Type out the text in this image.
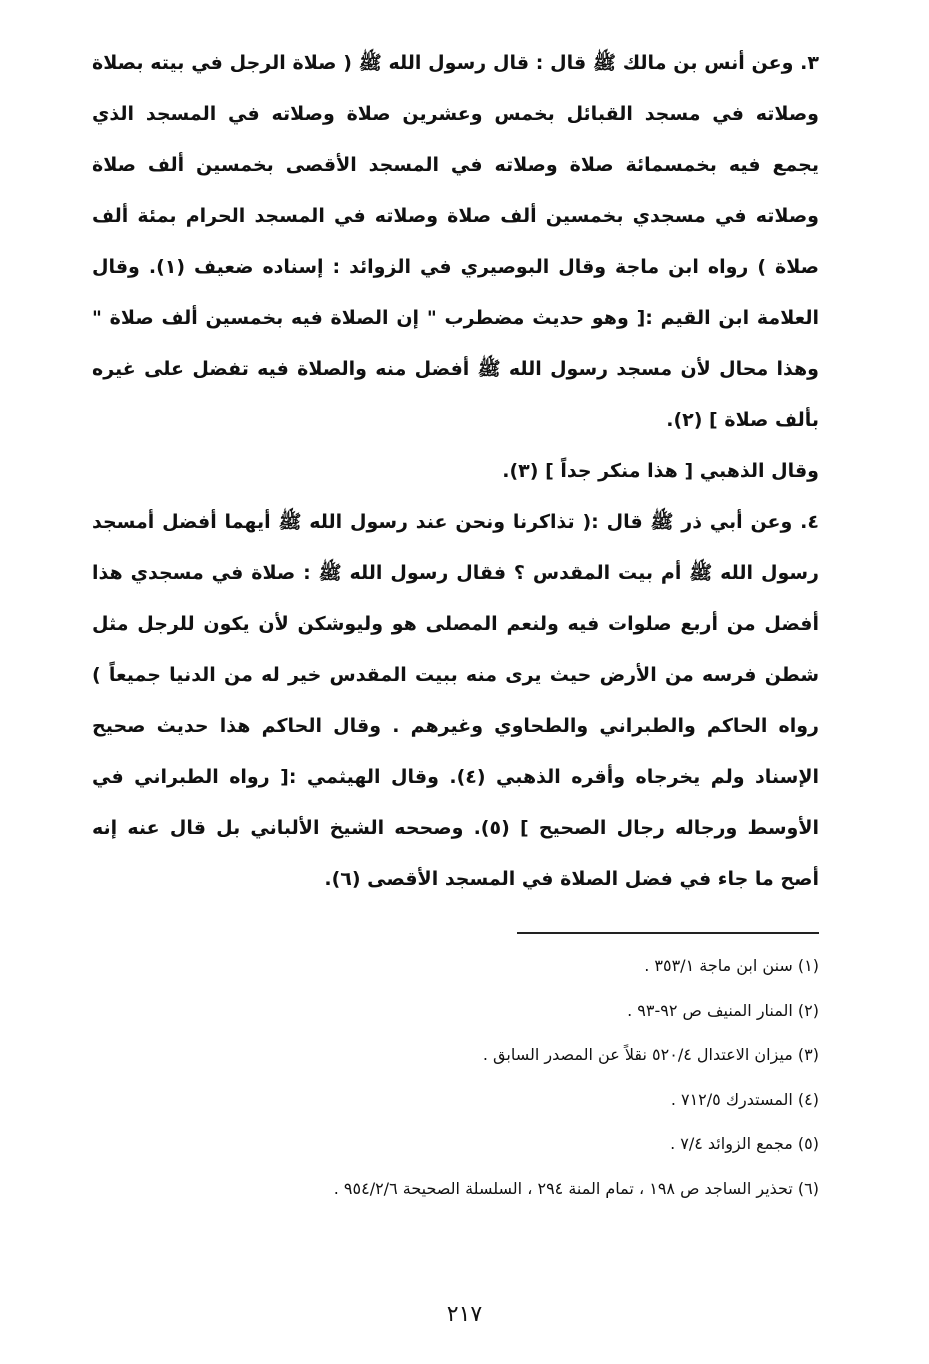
٣. وعن أنس بن مالك ﷺ قال : قال رسول الله ﷺ ( صلاة الرجل في بيته بصلاة وصلاته في مسجد القبائل بخمس وعشرين صلاة وصلاته في المسجد الذي يجمع فيه بخمسمائة صلاة وصلاته في المسجد الأقصى بخمسين ألف صلاة وصلاته في مسجدي بخمسين ألف صلاة وصلاته في المسجد الحرام بمئة ألف صلاة ) رواه ابن ماجة وقال البوصيري في الزوائد : إسناده ضعيف (١). وقال العلامة ابن القيم :[ وهو حديث مضطرب " إن الصلاة فيه بخمسين ألف صلاة " وهذا محال لأن مسجد رسول الله ﷺ أفضل منه والصلاة فيه تفضل على غيره بألف صلاة ] (٢).

وقال الذهبي [ هذا منكر جداً ] (٣).

٤. وعن أبي ذر ﷺ قال :( تذاكرنا ونحن عند رسول الله ﷺ أيهما أفضل أمسجد رسول الله ﷺ أم بيت المقدس ؟ فقال رسول الله ﷺ : صلاة في مسجدي هذا أفضل من أربع صلوات فيه ولنعم المصلى هو وليوشكن لأن يكون للرجل مثل شطن فرسه من الأرض حيث يرى منه ببيت المقدس خير له من الدنيا جميعاً ) رواه الحاكم والطبراني والطحاوي وغيرهم . وقال الحاكم هذا حديث صحيح الإسناد ولم يخرجاه وأقره الذهبي (٤). وقال الهيثمي :[ رواه الطبراني في الأوسط ورجاله رجال الصحيح ] (٥). وصححه الشيخ الألباني بل قال عنه إنه أصح ما جاء في فضل الصلاة في المسجد الأقصى (٦).

(١) سنن ابن ماجة ٣٥٣/١ .
(٢) المنار المنيف ص ٩٢-٩٣ .
(٣) ميزان الاعتدال ٥٢٠/٤ نقلاً عن المصدر السابق .
(٤) المستدرك ٧١٢/٥ .
(٥) مجمع الزوائد ٧/٤ .
(٦) تحذير الساجد ص ١٩٨ ، تمام المنة ٢٩٤ ، السلسلة الصحيحة ٩٥٤/٢/٦ .
٢١٧
